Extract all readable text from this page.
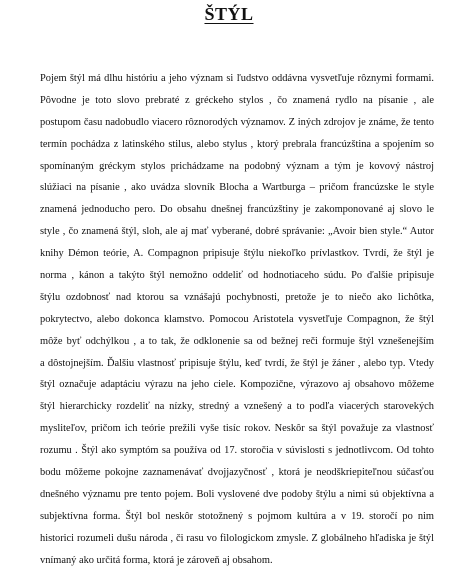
ŠTÝL
Pojem štýl má dlhu históriu a jeho význam si ľudstvo oddávna vysvetľuje rôznymi formami.
Pôvodne je toto slovo prebraté z gréckeho stylos , čo znamená rydlo na písanie , ale
postupom času nadobudlo viacero rôznorodých významov. Z iných zdrojov je známe, že tento
termín pochádza z latinského stilus, alebo stylus , ktorý prebrala francúzština a spojením so
spomínaným gréckym stylos prichádzame na podobný význam a tým je kovový nástroj
slúžiaci na písanie , ako uvádza slovník Blocha a Wartburga – pričom francúzske le style
znamená jednoducho pero. Do obsahu dnešnej francúzštiny je zakomponované aj slovo le
style , čo znamená štýl, sloh, ale aj mať vyberané, dobré správanie: „Avoir bien style.“ Autor
knihy Démon teórie, A. Compagnon pripisuje štýlu niekoľko prívlastkov. Tvrdí, že štýl je
norma , kánon a takýto štýl nemožno oddeliť od hodnotiaceho súdu. Po ďalšie pripisuje
štýlu ozdobnosť nad ktorou sa vznášajú pochybnosti, pretože je to niečo ako lichôtka,
pokrytectvo, alebo dokonca klamstvo. Pomocou Aristotela vysvetľuje Compagnon, že štýl
môže byť odchýlkou , a to tak, že odklonenie sa od bežnej reči formuje štýl vznešenejším
a dôstojnejším. Ďalšiu vlastnosť pripisuje štýlu, keď tvrdí, že štýl je žáner , alebo typ. Vtedy
štýl označuje adaptáciu výrazu na jeho ciele. Kompozične, výrazovo aj obsahovo môžeme
štýl hierarchicky rozdeliť na nízky, stredný a vznešený a to podľa viacerých starovekých
mysliteľov, pričom ich teórie prežili vyše tisíc rokov. Neskôr sa štýl považuje za vlastnosť
rozumu . Štýl ako symptóm sa používa od 17. storočia v súvislosti s jednotlivcom. Od tohto
bodu môžeme pokojne zaznamenávať dvojjazyčnosť , ktorá je neodškriepiteľnou súčasťou
dnešného významu pre tento pojem. Boli vyslovené dve podoby štýlu a nimi sú objektívna a
subjektívna forma. Štýl bol neskôr stotožnený s pojmom kultúra a v 19. storočí po nim
historici rozumeli dušu národa , či rasu vo filologickom zmysle. Z globálneho hľadiska je štýl
vnímaný ako určitá forma, ktorá je zároveň aj obsahom.
